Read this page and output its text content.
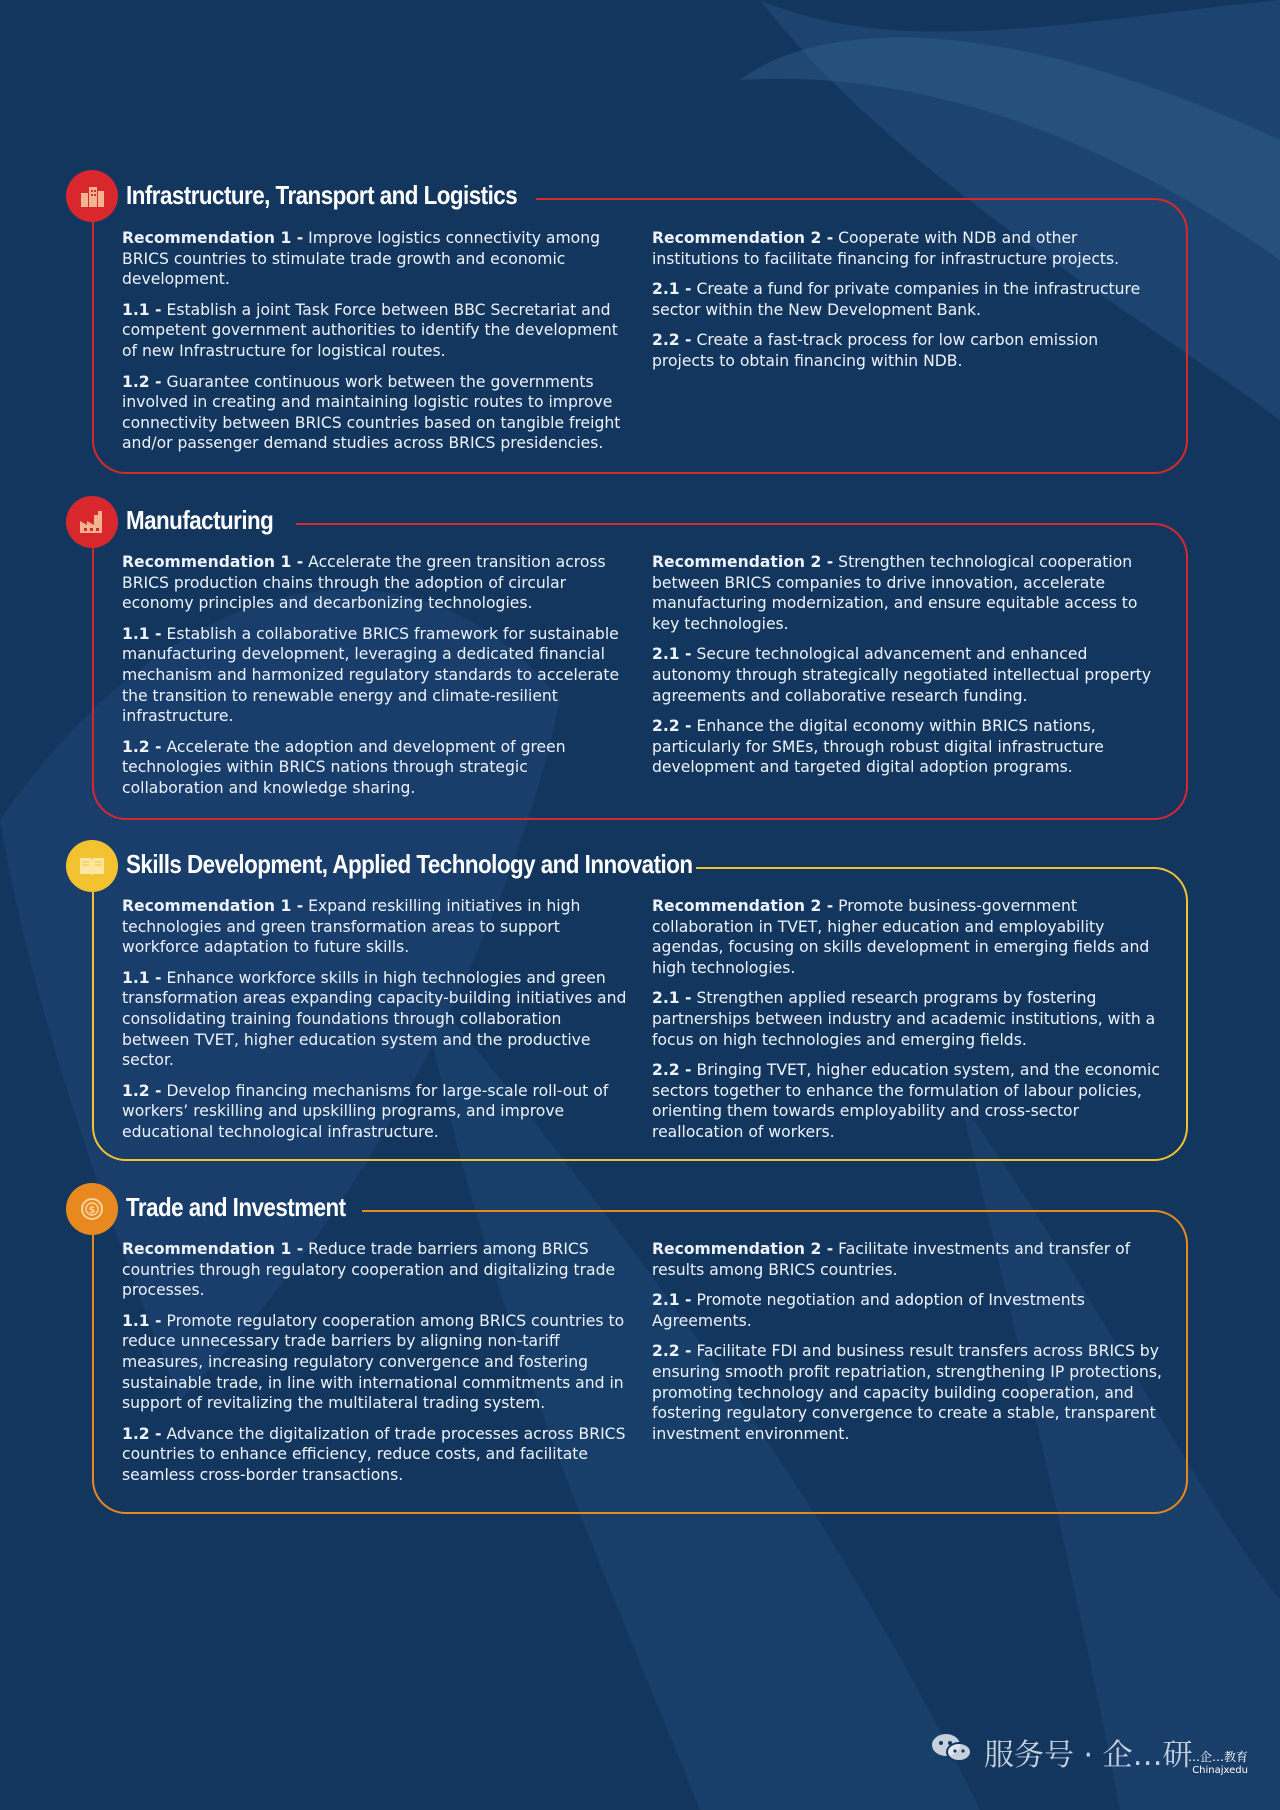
Infrastructure, Transport and Logistics

Recommendation 1 - Improve logistics connectivity among BRICS countries to stimulate trade growth and economic development.

1.1 - Establish a joint Task Force between BBC Secretariat and competent government authorities to identify the development of new Infrastructure for logistical routes.

1.2 - Guarantee continuous work between the governments involved in creating and maintaining logistic routes to improve connectivity between BRICS countries based on tangible freight and/or passenger demand studies across BRICS presidencies.

Recommendation 2 - Cooperate with NDB and other institutions to facilitate financing for infrastructure projects.

2.1 - Create a fund for private companies in the infrastructure sector within the New Development Bank.

2.2 - Create a fast-track process for low carbon emission projects to obtain financing within NDB.

Manufacturing

Recommendation 1 - Accelerate the green transition across BRICS production chains through the adoption of circular economy principles and decarbonizing technologies.

1.1 - Establish a collaborative BRICS framework for sustainable manufacturing development, leveraging a dedicated financial mechanism and harmonized regulatory standards to accelerate the transition to renewable energy and climate-resilient infrastructure.

1.2 - Accelerate the adoption and development of green technologies within BRICS nations through strategic collaboration and knowledge sharing.

Recommendation 2 - Strengthen technological cooperation between BRICS companies to drive innovation, accelerate manufacturing modernization, and ensure equitable access to key technologies.

2.1 - Secure technological advancement and enhanced autonomy through strategically negotiated intellectual property agreements and collaborative research funding.

2.2 - Enhance the digital economy within BRICS nations, particularly for SMEs, through robust digital infrastructure development and targeted digital adoption programs.

Skills Development, Applied Technology and Innovation

Recommendation 1 - Expand reskilling initiatives in high technologies and green transformation areas to support workforce adaptation to future skills.

1.1 - Enhance workforce skills in high technologies and green transformation areas expanding capacity-building initiatives and consolidating training foundations through collaboration between TVET, higher education system and the productive sector.

1.2 - Develop financing mechanisms for large-scale roll-out of workers’ reskilling and upskilling programs, and improve educational technological infrastructure.

Recommendation 2 - Promote business-government collaboration in TVET, higher education and employability agendas, focusing on skills development in emerging fields and high technologies.

2.1 - Strengthen applied research programs by fostering partnerships between industry and academic institutions, with a focus on high technologies and emerging fields.

2.2 - Bringing TVET, higher education system, and the economic sectors together to enhance the formulation of labour policies, orienting them towards employability and cross-sector reallocation of workers.

$ Trade and Investment

Recommendation 1 - Reduce trade barriers among BRICS countries through regulatory cooperation and digitalizing trade processes.

1.1 - Promote regulatory cooperation among BRICS countries to reduce unnecessary trade barriers by aligning non-tariff measures, increasing regulatory convergence and fostering sustainable trade, in line with international commitments and in support of revitalizing the multilateral trading system.

1.2 - Advance the digitalization of trade processes across BRICS countries to enhance efficiency, reduce costs, and facilitate seamless cross-border transactions.

Recommendation 2 - Facilitate investments and transfer of results among BRICS countries.

2.1 - Promote negotiation and adoption of Investments Agreements.

2.2 - Facilitate FDI and business result transfers across BRICS by ensuring smooth profit repatriation, strengthening IP protections, promoting technology and capacity building cooperation, and fostering regulatory convergence to create a stable, transparent investment environment.

服务号 · 企…研
…企…教育
Chinajxedu
